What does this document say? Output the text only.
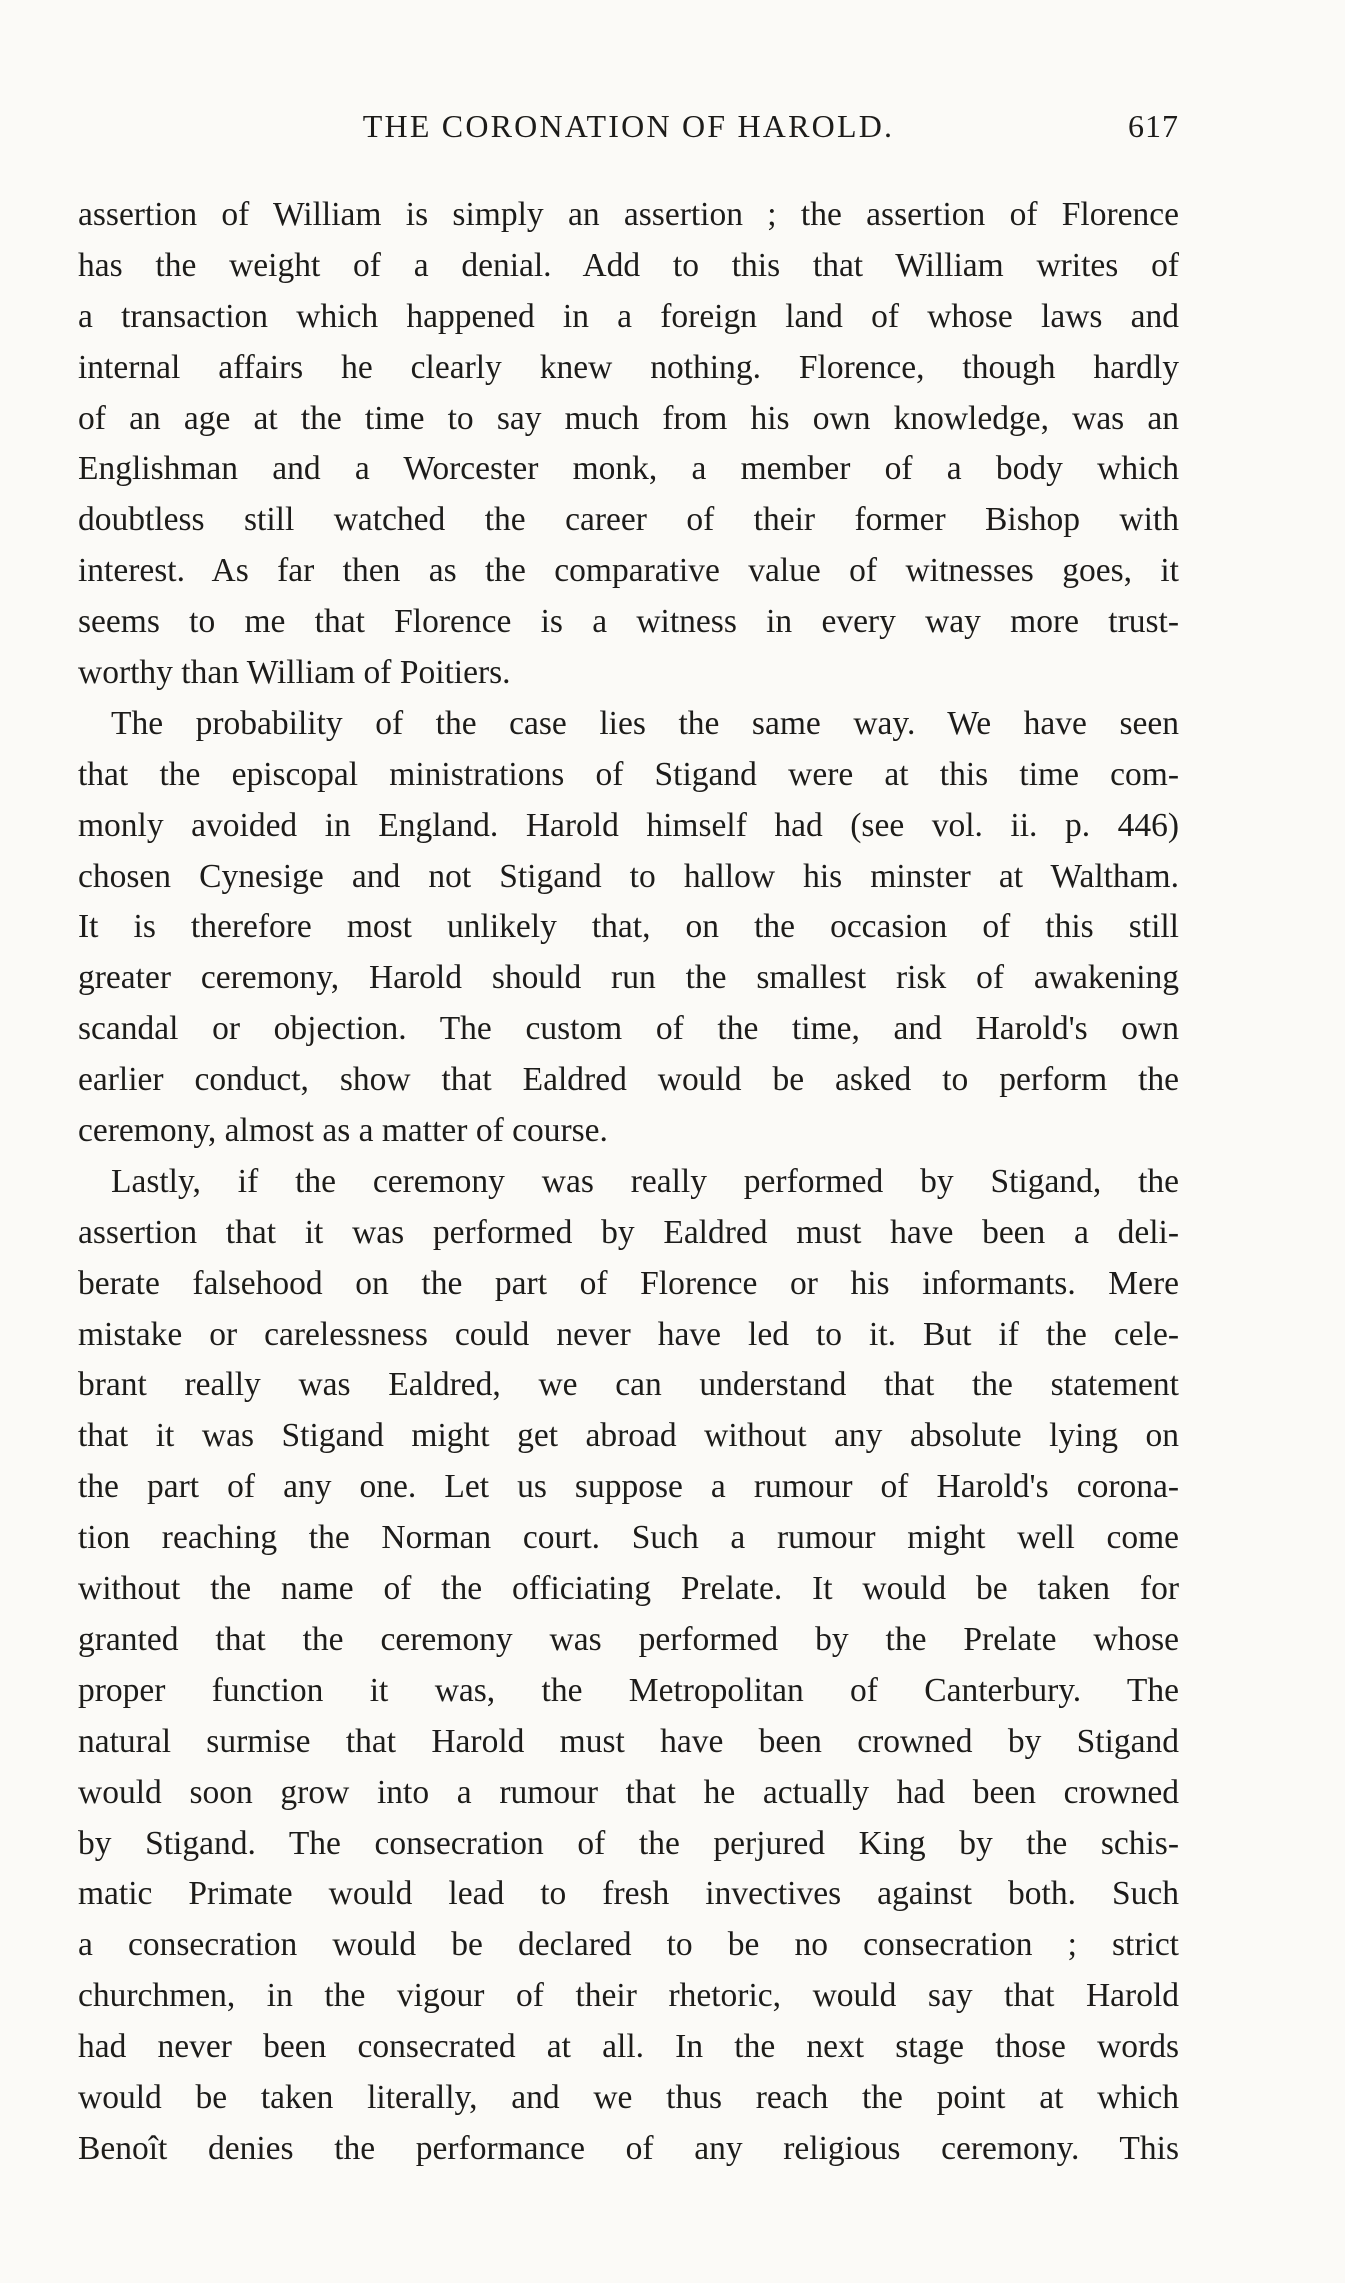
THE CORONATION OF HAROLD.	617
assertion of William is simply an assertion ; the assertion of Florence
has the weight of a denial. Add to this that William writes of
a transaction which happened in a foreign land of whose laws and
internal affairs he clearly knew nothing. Florence, though hardly
of an age at the time to say much from his own knowledge, was an
Englishman and a Worcester monk, a member of a body which
doubtless still watched the career of their former Bishop with
interest. As far then as the comparative value of witnesses goes, it
seems to me that Florence is a witness in every way more trust-
worthy than William of Poitiers.
The probability of the case lies the same way. We have seen
that the episcopal ministrations of Stigand were at this time com-
monly avoided in England. Harold himself had (see vol. ii. p. 446)
chosen Cynesige and not Stigand to hallow his minster at Waltham.
It is therefore most unlikely that, on the occasion of this still
greater ceremony, Harold should run the smallest risk of awakening
scandal or objection. The custom of the time, and Harold's own
earlier conduct, show that Ealdred would be asked to perform the
ceremony, almost as a matter of course.
Lastly, if the ceremony was really performed by Stigand, the
assertion that it was performed by Ealdred must have been a deli-
berate falsehood on the part of Florence or his informants. Mere
mistake or carelessness could never have led to it. But if the cele-
brant really was Ealdred, we can understand that the statement
that it was Stigand might get abroad without any absolute lying on
the part of any one. Let us suppose a rumour of Harold's corona-
tion reaching the Norman court. Such a rumour might well come
without the name of the officiating Prelate. It would be taken for
granted that the ceremony was performed by the Prelate whose
proper function it was, the Metropolitan of Canterbury. The
natural surmise that Harold must have been crowned by Stigand
would soon grow into a rumour that he actually had been crowned
by Stigand. The consecration of the perjured King by the schis-
matic Primate would lead to fresh invectives against both. Such
a consecration would be declared to be no consecration ; strict
churchmen, in the vigour of their rhetoric, would say that Harold
had never been consecrated at all. In the next stage those words
would be taken literally, and we thus reach the point at which
Benoît denies the performance of any religious ceremony. This
